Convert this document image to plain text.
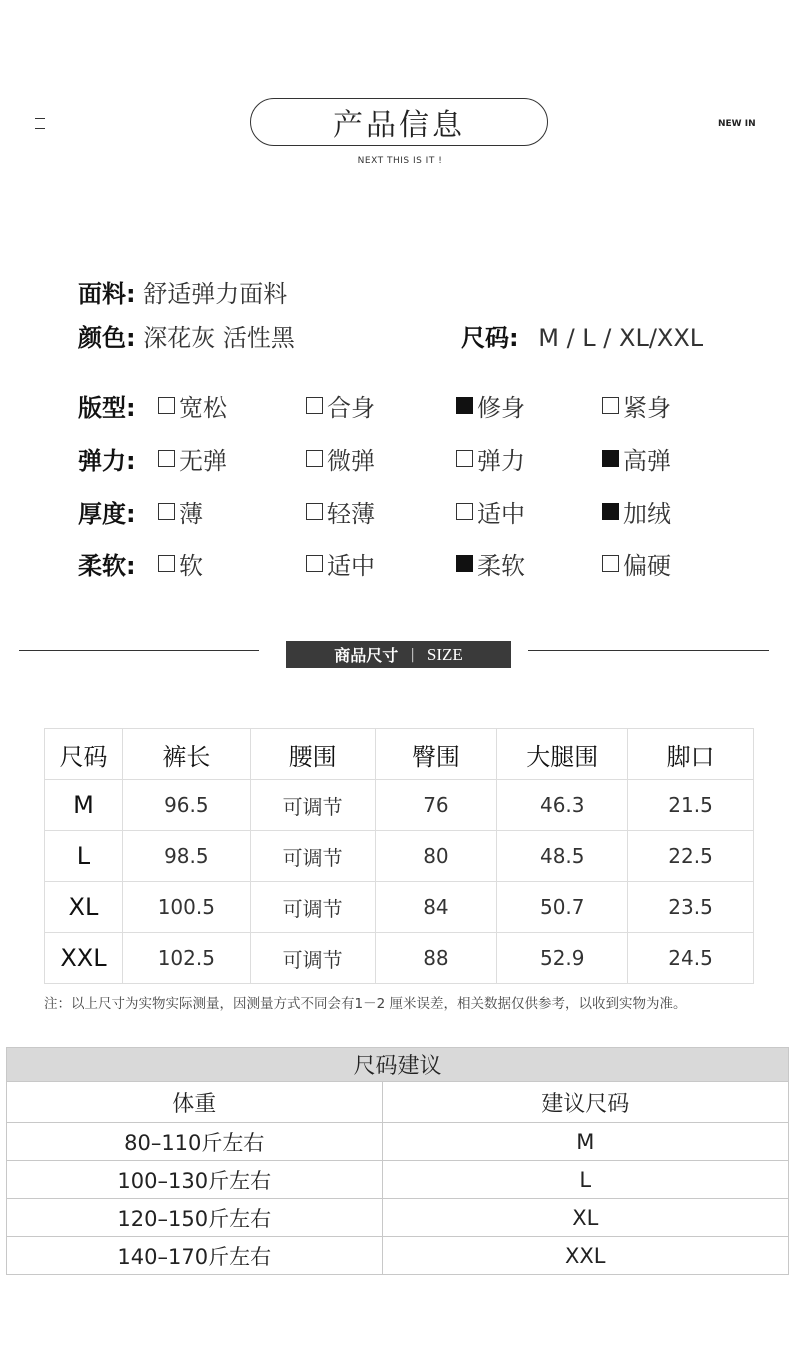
产品信息
NEXT THIS IS IT !
NEW IN
面料: 舒适弹力面料
颜色: 深花灰 活性黑	尺码: M / L / XL/XXL
版型: 宽松	合身	修身	紧身
弹力: 无弹	微弹	弹力	高弹
厚度: 薄	轻薄	适中	加绒
柔软: 软	适中	柔软	偏硬
商品尺寸 | SIZE
尺码	裤长	腰围	臀围	大腿围	脚口
M	96.5	可调节	76	46.3	21.5
L	98.5	可调节	80	48.5	22.5
XL	100.5	可调节	84	50.7	23.5
XXL	102.5	可调节	88	52.9	24.5
注：以上尺寸为实物实际测量，因测量方式不同会有1－2 厘米误差，相关数据仅供参考，以收到实物为准。
尺码建议	
体重	建议尺码
80–110斤左右	M
100–130斤左右	L
120–150斤左右	XL
140–170斤左右	XXL
